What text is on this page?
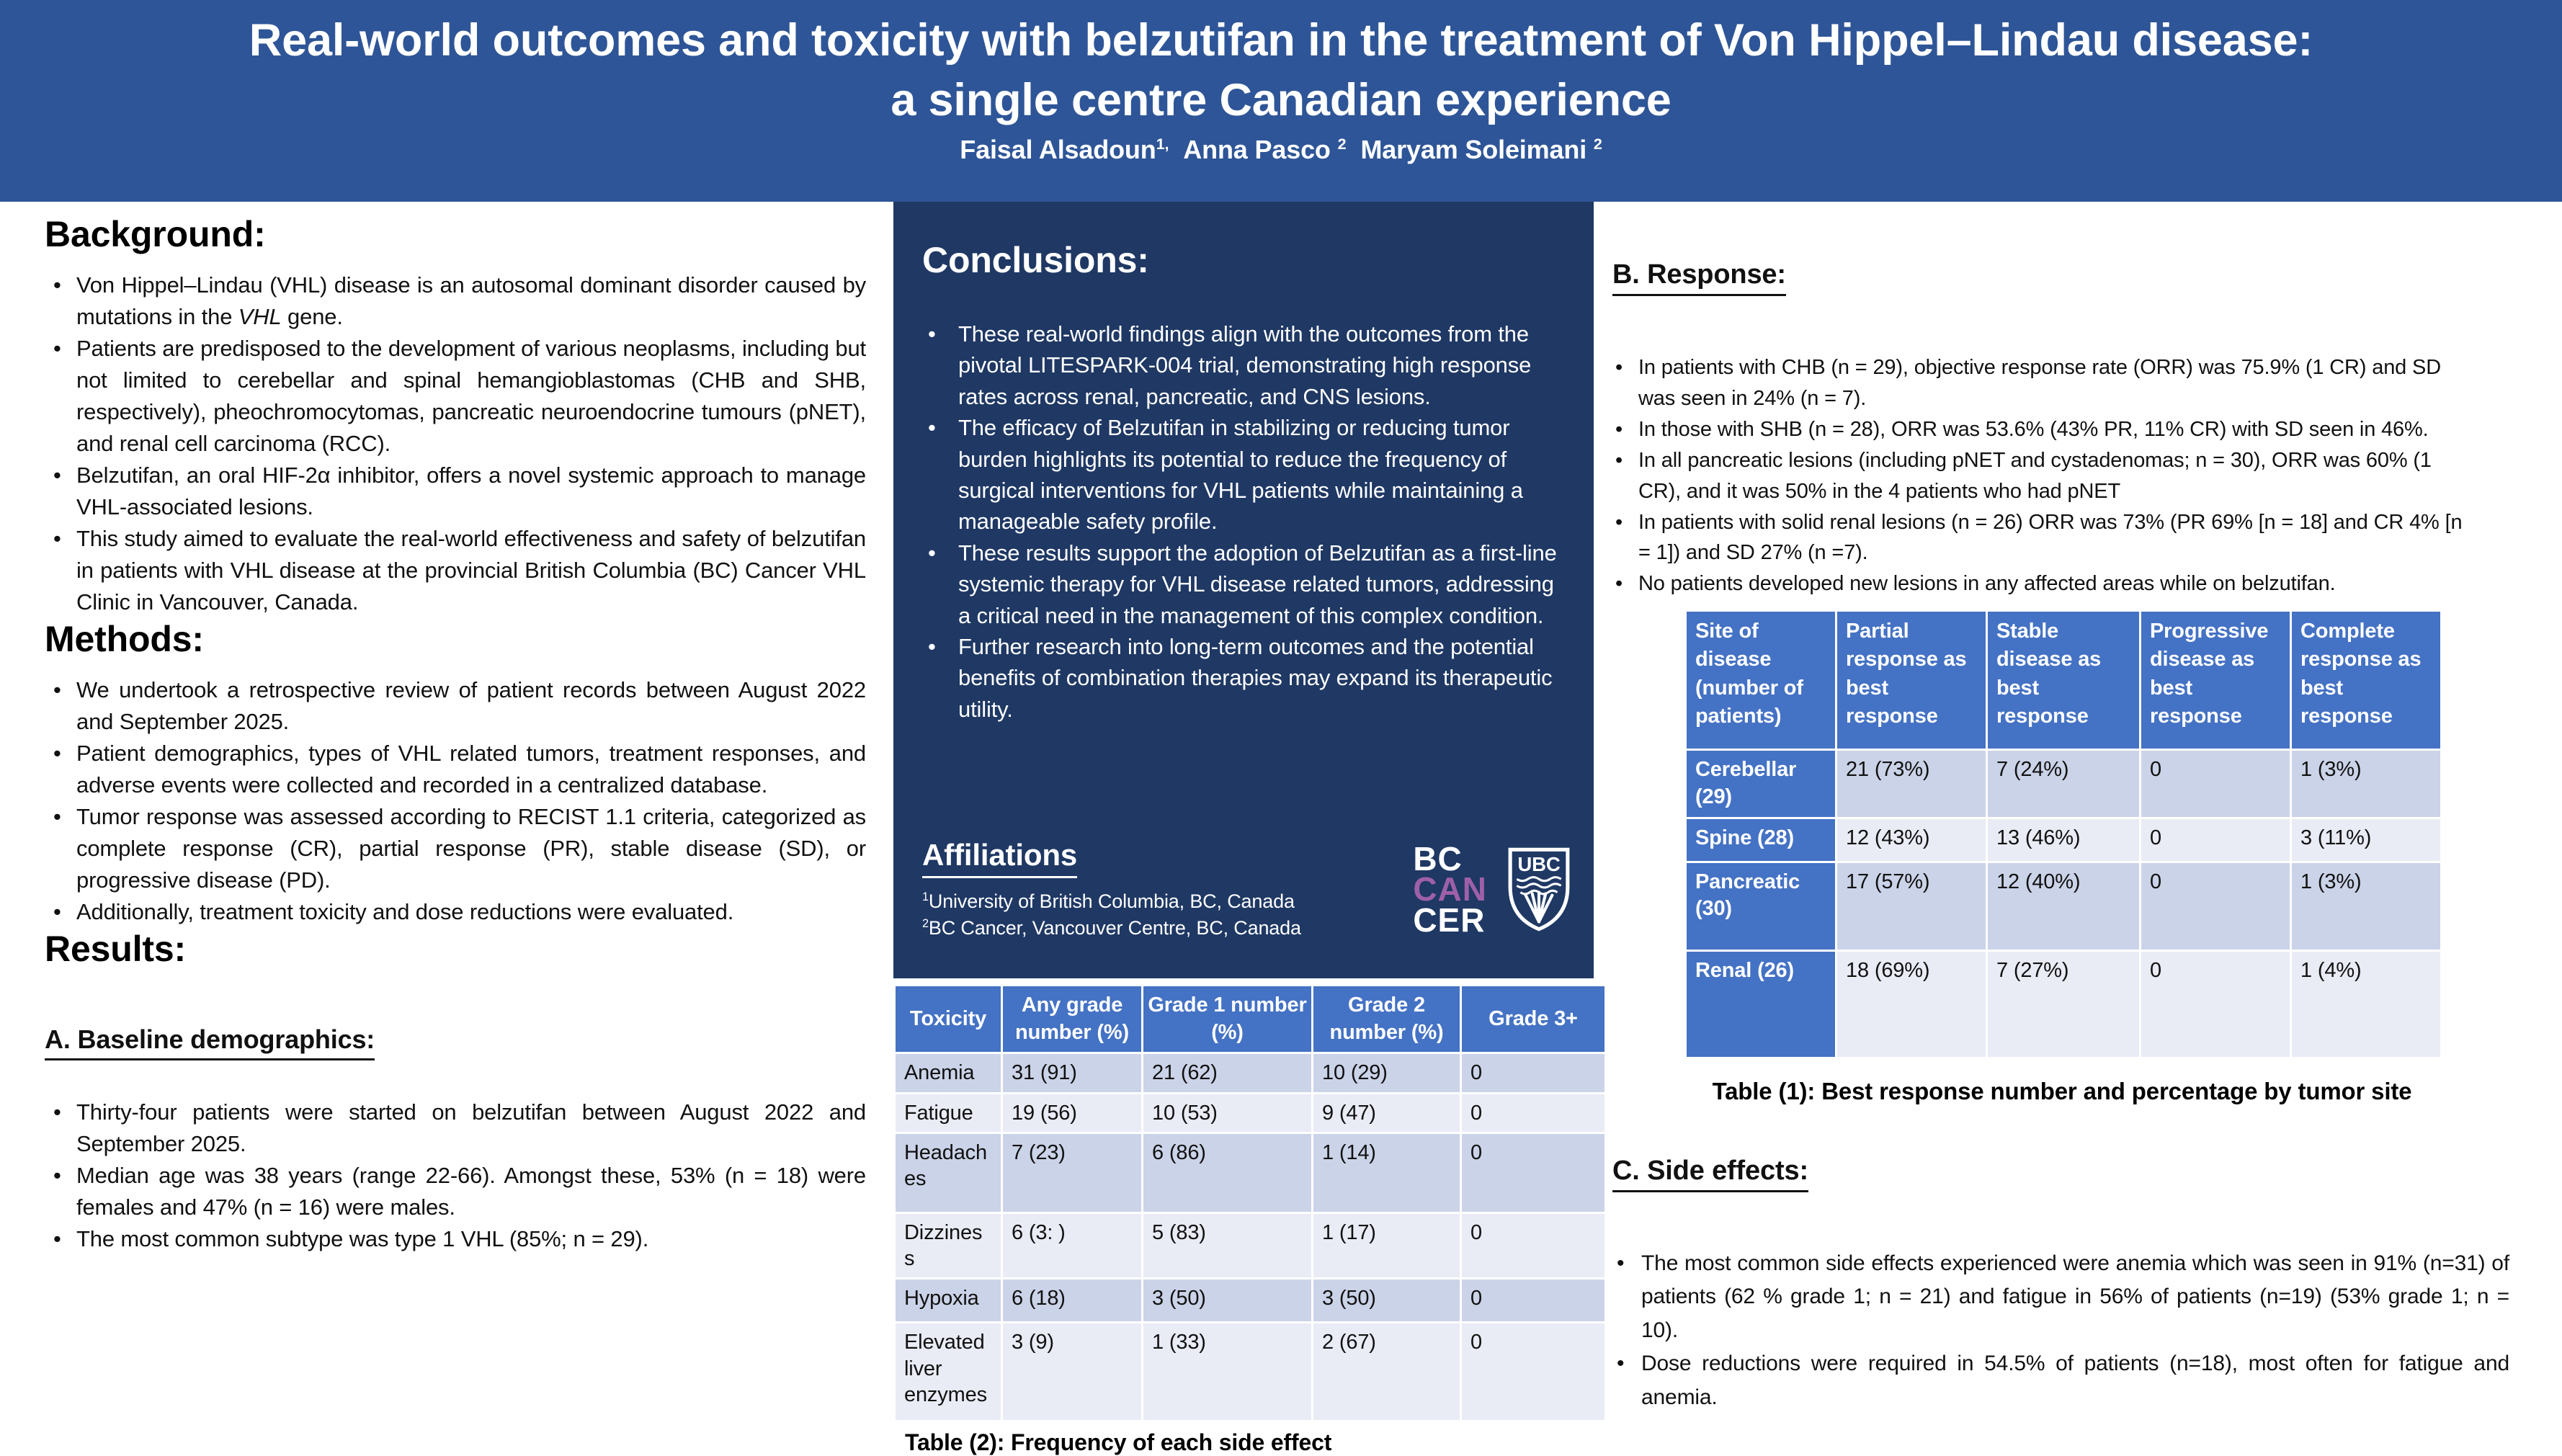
Real-world outcomes and toxicity with belzutifan in the treatment of Von Hippel–Lindau disease:
a single centre Canadian experience
Faisal Alsadoun$^{1,}$ Anna Pasco $^2$ Maryam Soleimani $^2$
Background:
• Von Hippel–Lindau (VHL) disease is an autosomal dominant disorder caused by mutations in the VHL gene.
• Patients are predisposed to the development of various neoplasms, including but not limited to cerebellar and spinal hemangioblastomas (CHB and SHB, respectively), pheochromocytomas, pancreatic neuroendocrine tumours (pNET), and renal cell carcinoma (RCC).
• Belzutifan, an oral HIF-2α inhibitor, offers a novel systemic approach to manage VHL-associated lesions.
• This study aimed to evaluate the real-world effectiveness and safety of belzutifan in patients with VHL disease at the provincial British Columbia (BC) Cancer VHL Clinic in Vancouver, Canada.
Methods:
• We undertook a retrospective review of patient records between August 2022 and September 2025.
• Patient demographics, types of VHL related tumors, treatment responses, and adverse events were collected and recorded in a centralized database.
• Tumor response was assessed according to RECIST 1.1 criteria, categorized as complete response (CR), partial response (PR), stable disease (SD), or progressive disease (PD).
• Additionally, treatment toxicity and dose reductions were evaluated.
Results:
A. Baseline demographics:
• Thirty-four patients were started on belzutifan between August 2022 and September 2025.
• Median age was 38 years (range 22-66). Amongst these, 53% (n = 18) were females and 47% (n = 16) were males.
• The most common subtype was type 1 VHL (85%; n = 29).
Conclusions:
• These real-world findings align with the outcomes from the pivotal LITESPARK-004 trial, demonstrating high response rates across renal, pancreatic, and CNS lesions.
• The efficacy of Belzutifan in stabilizing or reducing tumor burden highlights its potential to reduce the frequency of surgical interventions for VHL patients while maintaining a manageable safety profile.
• These results support the adoption of Belzutifan as a first-line systemic therapy for VHL disease related tumors, addressing a critical need in the management of this complex condition.
• Further research into long-term outcomes and the potential benefits of combination therapies may expand its therapeutic utility.
Affiliations
$^1$University of British Columbia, BC, Canada
$^2$BC Cancer, Vancouver Centre, BC, Canada
BC
CAN
CER
UBC
Toxicity	Any grade number (%)	Grade 1 number (%)	Grade 2 number (%)	Grade 3+
Anemia	31 (91)	21 (62)	10 (29)	0
Fatigue	19 (56)	10 (53)	9 (47)	0
Headaches	7 (23)	6 (86)	1 (14)	0
Dizziness	6 (3: )	5 (83)	1 (17)	0
Hypoxia	6 (18)	3 (50)	3 (50)	0
Elevated liver enzymes	3 (9)	1 (33)	2 (67)	0
Table (2): Frequency of each side effect
B. Response:
• In patients with CHB (n = 29), objective response rate (ORR) was 75.9% (1 CR) and SD was seen in 24% (n = 7).
• In those with SHB (n = 28), ORR was 53.6% (43% PR, 11% CR) with SD seen in 46%.
• In all pancreatic lesions (including pNET and cystadenomas; n = 30), ORR was 60% (1 CR), and it was 50% in the 4 patients who had pNET
• In patients with solid renal lesions (n = 26) ORR was 73% (PR 69% [n = 18] and CR 4% [n = 1]) and SD 27% (n =7).
• No patients developed new lesions in any affected areas while on belzutifan.
Site of disease (number of patients)	Partial response as best response	Stable disease as best response	Progressive disease as best response	Complete response as best response
Cerebellar (29)	21 (73%)	7 (24%)	0	1 (3%)
Spine (28)	12 (43%)	13 (46%)	0	3 (11%)
Pancreatic (30)	17 (57%)	12 (40%)	0	1 (3%)
Renal (26)	18 (69%)	7 (27%)	0	1 (4%)
Table (1): Best response number and percentage by tumor site
C. Side effects:
• The most common side effects experienced were anemia which was seen in 91% (n=31) of patients (62 % grade 1; n = 21) and fatigue in 56% of patients (n=19) (53% grade 1; n = 10).
• Dose reductions were required in 54.5% of patients (n=18), most often for fatigue and anemia.
